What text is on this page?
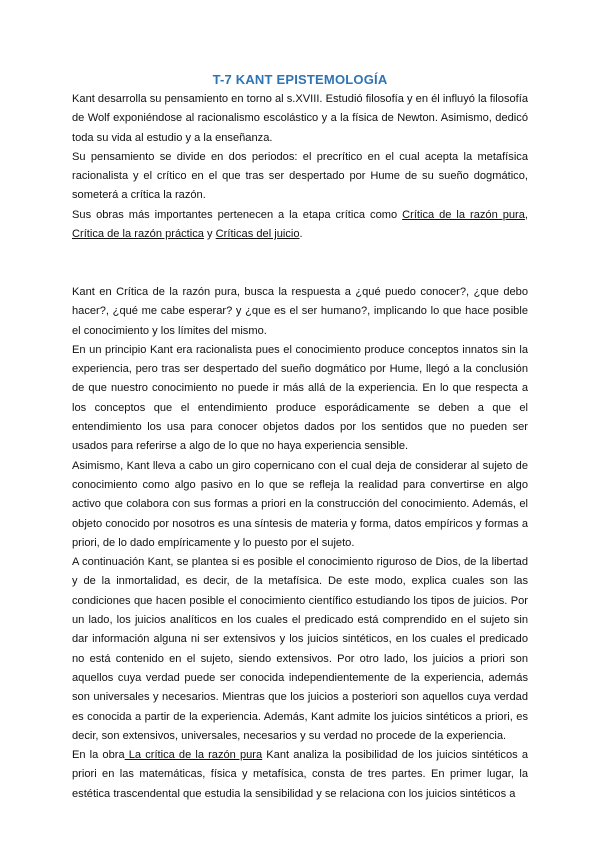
T-7 KANT EPISTEMOLOGÍA

Kant desarrolla su pensamiento en torno al s.XVIII. Estudió filosofía y en él influyó la filosofía de Wolf exponiéndose al racionalismo escolástico y a la física de Newton. Asimismo, dedicó toda su vida al estudio y a la enseñanza.

Su pensamiento se divide en dos periodos: el precrítico en el cual acepta la metafísica racionalista y el crítico en el que tras ser despertado por Hume de su sueño dogmático, someterá a crítica la razón.

Sus obras más importantes pertenecen a la etapa crítica como Crítica de la razón pura, Crítica de la razón práctica y Críticas del juicio.

Kant en Crítica de la razón pura, busca la respuesta a ¿qué puedo conocer?, ¿que debo hacer?, ¿qué me cabe esperar? y ¿que es el ser humano?, implicando lo que hace posible el conocimiento y los límites del mismo.

En un principio Kant era racionalista pues el conocimiento produce conceptos innatos sin la experiencia, pero tras ser despertado del sueño dogmático por Hume, llegó a la conclusión de que nuestro conocimiento no puede ir más allá de la experiencia. En lo que respecta a los conceptos que el entendimiento produce esporádicamente se deben a que el entendimiento los usa para conocer objetos dados por los sentidos que no pueden ser usados para referirse a algo de lo que no haya experiencia sensible.

Asimismo, Kant lleva a cabo un giro copernicano con el cual deja de considerar al sujeto de conocimiento como algo pasivo en lo que se refleja la realidad para convertirse en algo activo que colabora con sus formas a priori en la construcción del conocimiento. Además, el objeto conocido por nosotros es una síntesis de materia y forma, datos empíricos y formas a priori, de lo dado empíricamente y lo puesto por el sujeto.

A continuación Kant, se plantea si es posible el conocimiento riguroso de Dios, de la libertad y de la inmortalidad, es decir, de la metafísica. De este modo, explica cuales son las condiciones que hacen posible el conocimiento científico estudiando los tipos de juicios. Por un lado, los juicios analíticos en los cuales el predicado está comprendido en el sujeto sin dar información alguna ni ser extensivos y los juicios sintéticos, en los cuales el predicado no está contenido en el sujeto, siendo extensivos. Por otro lado, los juicios a priori son aquellos cuya verdad puede ser conocida independientemente de la experiencia, además son universales y necesarios. Mientras que los juicios a posteriori son aquellos cuya verdad es conocida a partir de la experiencia. Además, Kant admite los juicios sintéticos a priori, es decir, son extensivos, universales, necesarios y su verdad no procede de la experiencia.

En la obra La crítica de la razón pura Kant analiza la posibilidad de los juicios sintéticos a priori en las matemáticas, física y metafísica, consta de tres partes. En primer lugar, la estética trascendental que estudia la sensibilidad y se relaciona con los juicios sintéticos a
